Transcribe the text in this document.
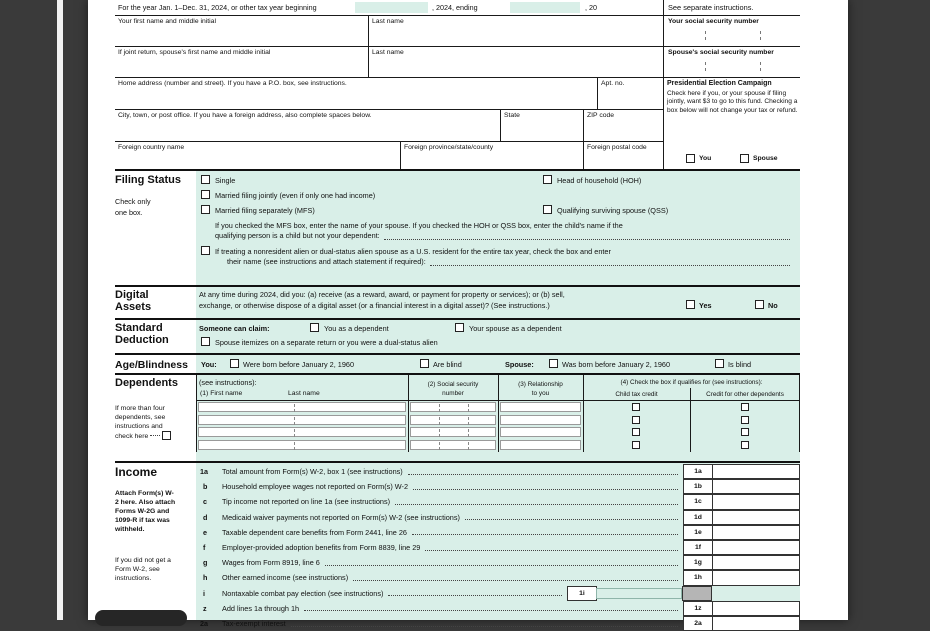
For the year Jan. 1–Dec. 31, 2024, or other tax year beginning	, 2024, ending	, 20	See separate instructions.
Your first name and middle initial	Last name	Your social security number
If joint return, spouse's first name and middle initial	Last name	Spouse's social security number
Home address (number and street). If you have a P.O. box, see instructions.	Apt. no.	Presidential Election Campaign
Check here if you, or your spouse if filing jointly, want $3 to go to this fund. Checking a box below will not change your tax or refund.
You	Spouse
City, town, or post office. If you have a foreign address, also complete spaces below.	State	ZIP code
Foreign country name	Foreign province/state/county	Foreign postal code
Filing Status
Check only
one box.
Single	Head of household (HOH)
Married filing jointly (even if only one had income)
Married filing separately (MFS)	Qualifying surviving spouse (QSS)
If you checked the MFS box, enter the name of your spouse. If you checked the HOH or QSS box, enter the child's name if the
qualifying person is a child but not your dependent:
If treating a nonresident alien or dual-status alien spouse as a U.S. resident for the entire tax year, check the box and enter
their name (see instructions and attach statement if required):
Digital
Assets
At any time during 2024, did you: (a) receive (as a reward, award, or payment for property or services); or (b) sell,
exchange, or otherwise dispose of a digital asset (or a financial interest in a digital asset)? (See instructions.)	Yes	No
Standard
Deduction
Someone can claim:	You as a dependent	Your spouse as a dependent
Spouse itemizes on a separate return or you were a dual-status alien
Age/Blindness You:	Were born before January 2, 1960	Are blind	Spouse:	Was born before January 2, 1960	Is blind
Dependents
If more than four dependents, see instructions and check here
(see instructions):
(1) First name	Last name
(2) Social security
number
(3) Relationship
to you
(4) Check the box if qualifies for (see instructions):
Child tax credit	Credit for other dependents
Income
Attach Form(s) W-2 here. Also attach Forms W-2G and 1099-R if tax was withheld.
If you did not get a Form W-2, see instructions.
1a	Total amount from Form(s) W-2, box 1 (see instructions)	1a
b	Household employee wages not reported on Form(s) W-2	1b
c	Tip income not reported on line 1a (see instructions)	1c
d	Medicaid waiver payments not reported on Form(s) W-2 (see instructions)	1d
e	Taxable dependent care benefits from Form 2441, line 26	1e
f	Employer-provided adoption benefits from Form 8839, line 29	1f
g	Wages from Form 8919, line 6	1g
h	Other earned income (see instructions)	1h
i	Nontaxable combat pay election (see instructions)	1i
z	Add lines 1a through 1h	1z
2a	Tax-exempt interest	2a
